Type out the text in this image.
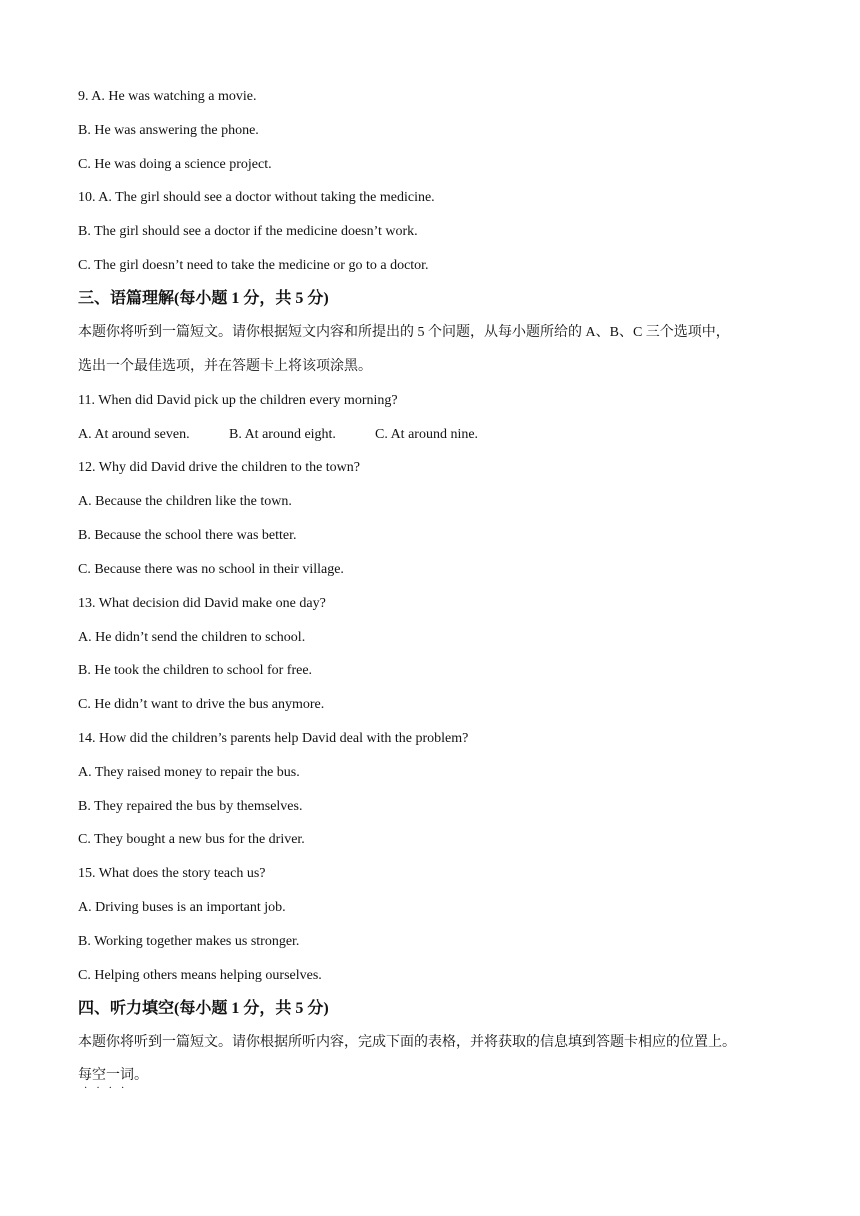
9. A. He was watching a movie.
B. He was answering the phone.
C. He was doing a science project.
10. A. The girl should see a doctor without taking the medicine.
B. The girl should see a doctor if the medicine doesn’t work.
C. The girl doesn’t need to take the medicine or go to a doctor.
三、语篇理解(每小题 1 分，共 5 分)
本题你将听到一篇短文。请你根据短文内容和所提出的 5 个问题，从每小题所给的 A、B、C 三个选项中，
选出一个最佳选项，并在答题卡上将该项涂黑。
11. When did David pick up the children every morning?
A. At around seven.	B. At around eight.	C. At around nine.
12. Why did David drive the children to the town?
A. Because the children like the town.
B. Because the school there was better.
C. Because there was no school in their village.
13. What decision did David make one day?
A. He didn’t send the children to school.
B. He took the children to school for free.
C. He didn’t want to drive the bus anymore.
14. How did the children’s parents help David deal with the problem?
A. They raised money to repair the bus.
B. They repaired the bus by themselves.
C. They bought a new bus for the driver.
15. What does the story teach us?
A. Driving buses is an important job.
B. Working together makes us stronger.
C. Helping others means helping ourselves.
四、听力填空(每小题 1 分，共 5 分)
本题你将听到一篇短文。请你根据所听内容，完成下面的表格，并将获取的信息填到答题卡相应的位置上。
每空一词。
····
